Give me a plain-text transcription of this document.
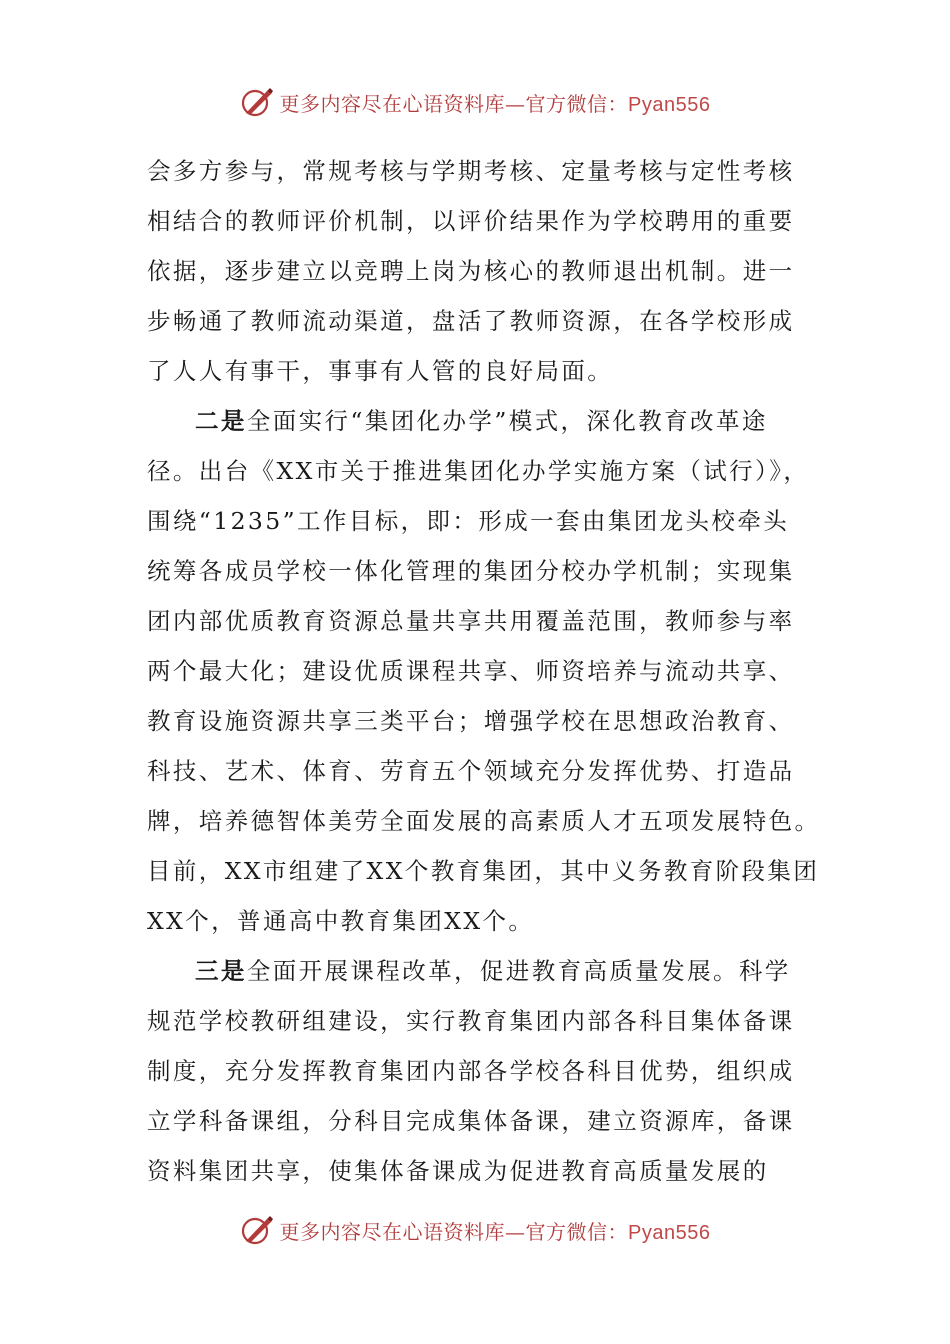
更多内容尽在心语资料库—官方微信：Pyan556
会多方参与，常规考核与学期考核、定量考核与定性考核
相结合的教师评价机制，以评价结果作为学校聘用的重要
依据，逐步建立以竞聘上岗为核心的教师退出机制。进一
步畅通了教师流动渠道，盘活了教师资源，在各学校形成
了人人有事干，事事有人管的良好局面。
二是全面实行“集团化办学”模式，深化教育改革途
径。出台《XX市关于推进集团化办学实施方案（试行）》，
围绕“1235”工作目标，即：形成一套由集团龙头校牵头
统筹各成员学校一体化管理的集团分校办学机制；实现集
团内部优质教育资源总量共享共用覆盖范围，教师参与率
两个最大化；建设优质课程共享、师资培养与流动共享、
教育设施资源共享三类平台；增强学校在思想政治教育、
科技、艺术、体育、劳育五个领域充分发挥优势、打造品
牌，培养德智体美劳全面发展的高素质人才五项发展特色。
目前，XX市组建了XX个教育集团，其中义务教育阶段集团
XX个，普通高中教育集团XX个。
三是全面开展课程改革，促进教育高质量发展。科学
规范学校教研组建设，实行教育集团内部各科目集体备课
制度，充分发挥教育集团内部各学校各科目优势，组织成
立学科备课组，分科目完成集体备课，建立资源库，备课
资料集团共享，使集体备课成为促进教育高质量发展的
更多内容尽在心语资料库—官方微信：Pyan556
